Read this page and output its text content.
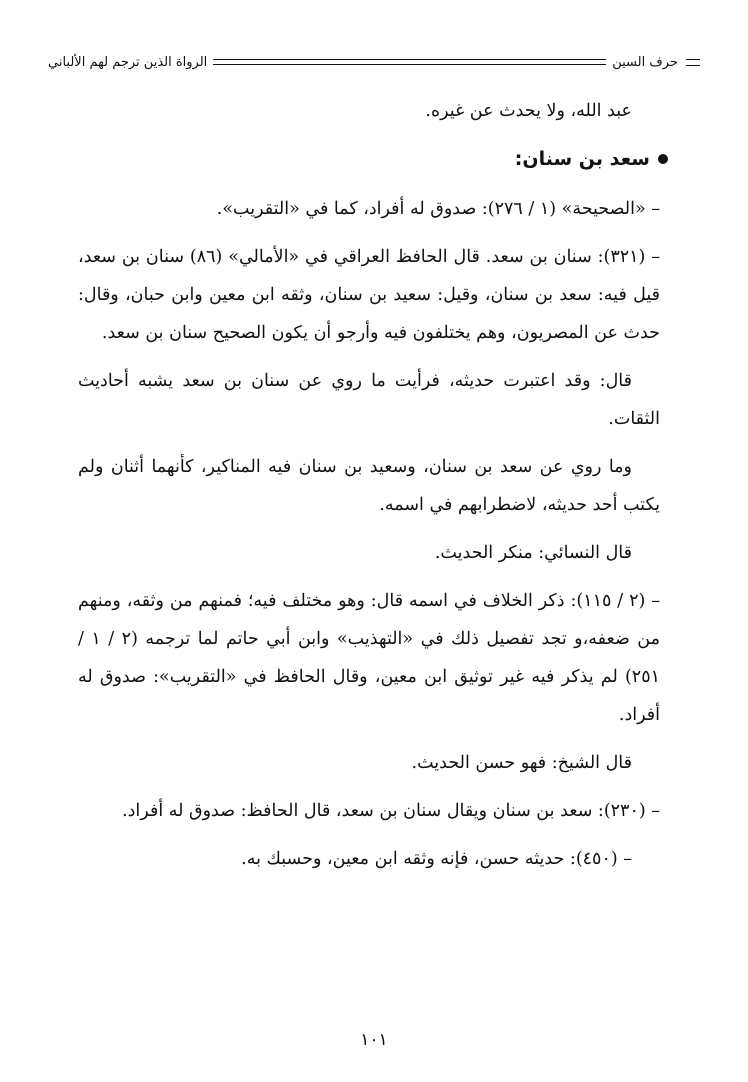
حرف السين
الرواة الذين ترجم لهم الألباني

عبد الله، ولا يحدث عن غيره.

سعد بن سنان:

– «الصحيحة» (١ / ٢٧٦): صدوق له أفراد، كما في «التقريب».

– (٣٢١): سنان بن سعد. قال الحافظ العراقي في «الأمالي» (٨٦) سنان بن سعد، قيل فيه: سعد بن سنان، وقيل: سعيد بن سنان، وثقه ابن معين وابن حبان، وقال: حدث عن المصريون، وهم يختلفون فيه وأرجو أن يكون الصحيح سنان بن سعد.

قال: وقد اعتبرت حديثه، فرأيت ما روي عن سنان بن سعد يشبه أحاديث الثقات.

وما روي عن سعد بن سنان، وسعيد بن سنان فيه المناكير، كأنهما أثنان ولم يكتب أحد حديثه، لاضطرابهم في اسمه.

قال النسائي: منكر الحديث.

– (٢ / ١١٥): ذكر الخلاف في اسمه قال: وهو مختلف فيه؛ فمنهم من وثقه، ومنهم من ضعفه،و تجد تفصيل ذلك في «التهذيب» وابن أبي حاتم لما ترجمه (٢ / ١ / ٢٥١) لم يذكر فيه غير توثيق ابن معين، وقال الحافظ في «التقريب»: صدوق له أفراد.

قال الشيخ: فهو حسن الحديث.

– (٢٣٠): سعد بن سنان ويقال سنان بن سعد، قال الحافظ: صدوق له أفراد.

– (٤٥٠): حديثه حسن، فإنه وثقه ابن معين، وحسبك به.

١٠١
